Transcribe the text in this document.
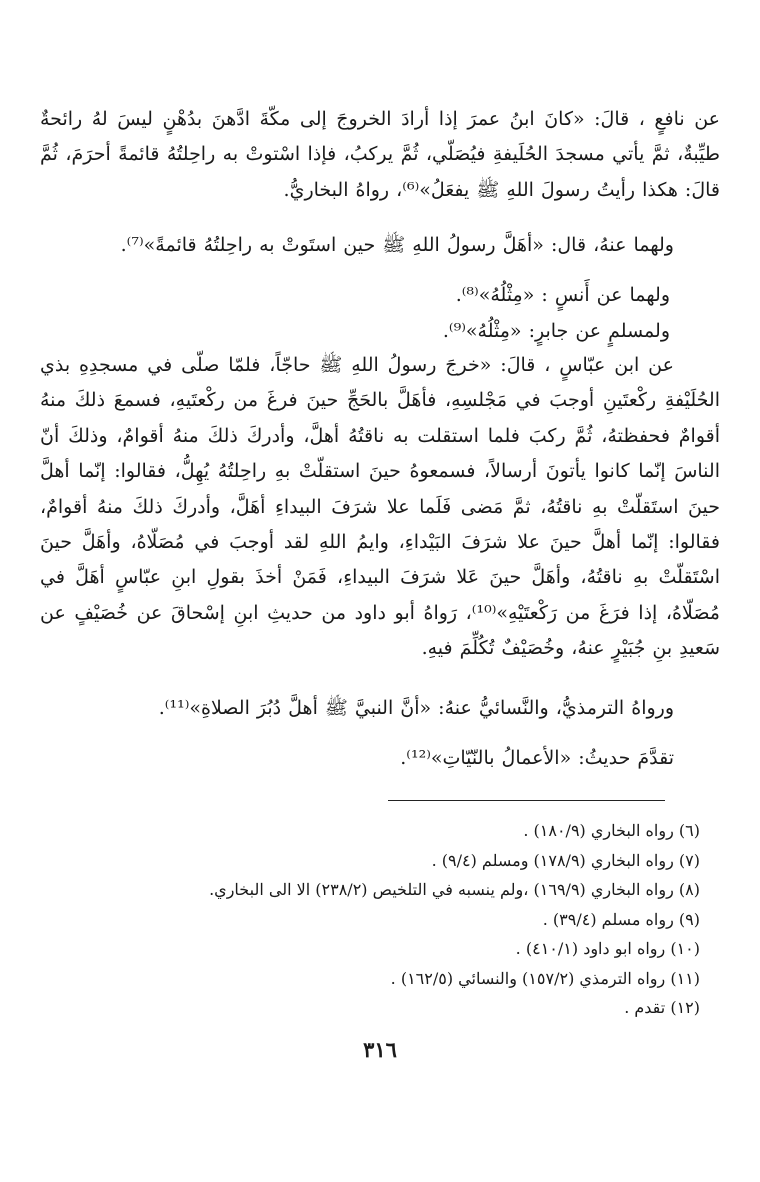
عن نافعٍ ، قالَ: «كانَ ابنُ عمرَ إذا أرادَ الخروجَ إلى مكّةَ ادَّهنَ بدُهْنٍ ليسَ لهُ رائحةٌ طيِّبةٌ، ثمَّ يأتي مسجدَ الحُلَيفةِ فيُصَلّي، ثُمَّ يركبُ، فإذا اسْتوتْ به راحِلتُهُ قائمةً أحرَمَ، ثُمَّ قالَ: هكذا رأيتُ رسولَ اللهِ ﷺ يفعَلُ»⁽⁶⁾، رواهُ البخاريُّ.

ولهما عنهُ، قال: «أهَلَّ رسولُ اللهِ ﷺ حين استَوتْ به راحِلتُهُ قائمةً»⁽⁷⁾.

ولهما عن أَنسٍ : «مِثْلُهُ»⁽⁸⁾.

ولمسلمٍ عن جابرٍ: «مِثْلُهُ»⁽⁹⁾.

عن ابن عبّاسٍ ، قالَ: «خرجَ رسولُ اللهِ ﷺ حاجّاً، فلمّا صلّى في مسجدِهِ بذي الحُلَيْفةِ ركْعتَينِ أوجبَ في مَجْلسِهِ، فأهَلَّ بالحَجِّ حينَ فرغَ من ركْعتَيهِ، فسمعَ ذلكَ منهُ أقوامٌ فحفظتهُ، ثُمَّ ركبَ فلما استقلت به ناقتُهُ أهلَّ، وأدركَ ذلكَ منهُ أقوامٌ، وذلكَ أنّ الناسَ إنّما كانوا يأتونَ أرسالاً، فسمعوهُ حينَ استقلّتْ بهِ راحِلتُهُ يُهِلُّ، فقالوا: إنّما أهلَّ حينَ استَقلّتْ بهِ ناقتُهُ، ثمَّ مَضى فَلَما علا شرَفَ البيداءِ أهَلَّ، وأدركَ ذلكَ منهُ أقوامٌ، فقالوا: إنّما أهلَّ حينَ علا شرَفَ البَيْداءِ، وايمُ اللهِ لقد أوجبَ في مُصَلّاهُ، وأهَلَّ حينَ اسْتَقلّتْ بهِ ناقتُهُ، وأهَلَّ حينَ عَلا شرَفَ البيداءِ، فَمَنْ أخذَ بقولِ ابنِ عبّاسٍ أهَلَّ في مُصَلّاهُ، إذا فرَغَ من رَكْعتَيْهِ»⁽¹⁰⁾، رَواهُ أبو داود من حديثِ ابنِ إسْحاقَ عن خُصَيْفٍ عن سَعيدِ بنِ جُبَيْرٍ عنهُ، وخُصَيْفٌ تُكُلِّمَ فيهِ.

ورواهُ الترمذيُّ، والنَّسائيُّ عنهُ: «أنَّ النبيَّ ﷺ أهلَّ دُبُرَ الصلاةِ»⁽¹¹⁾.

تقدَّمَ حديثُ: «الأعمالُ بالنّيّاتِ»⁽¹²⁾.

(٦) رواه البخاري (١٨٠/٩) .
(٧) رواه البخاري (١٧٨/٩) ومسلم (٩/٤) .
(٨) رواه البخاري (١٦٩/٩) ،ولم ينسبه في التلخيص (٢٣٨/٢) الا الى البخاري.
(٩) رواه مسلم (٣٩/٤) .
(١٠) رواه ابو داود (٤١٠/١) .
(١١) رواه الترمذي (١٥٧/٢) والنسائي (١٦٢/٥) .
(١٢) تقدم .
٣١٦
